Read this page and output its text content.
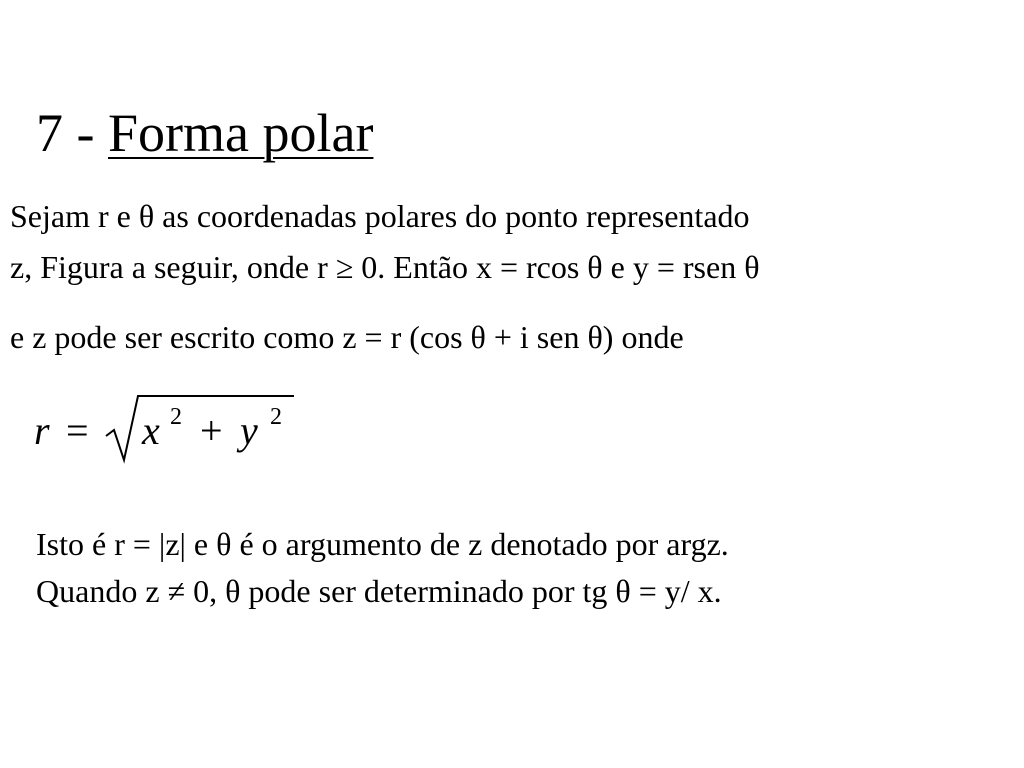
7 - Forma polar
Sejam r e θ as coordenadas polares do ponto representado
z, Figura a seguir, onde r ≥ 0. Então x = rcos θ e y = rsen θ
e z pode ser escrito como z = r (cos θ + i sen θ) onde
r = x 2 + y 2
Isto é r = |z| e θ é o argumento de z denotado por argz.
Quando z ≠ 0, θ pode ser determinado por tg θ = y/ x.
